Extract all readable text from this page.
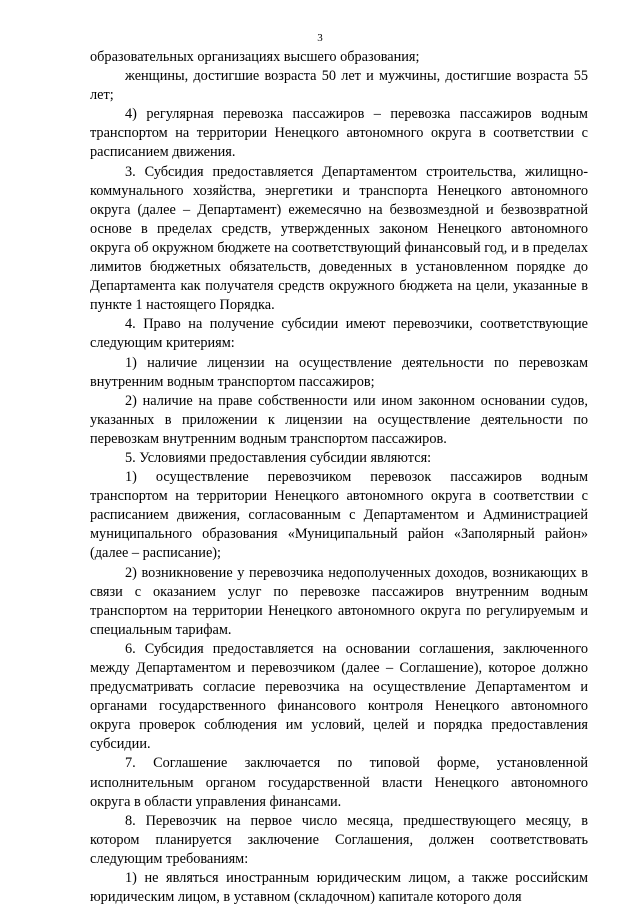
3

образовательных организациях высшего образования;

женщины, достигшие возраста 50 лет и мужчины, достигшие возраста 55 лет;

4) регулярная перевозка пассажиров – перевозка пассажиров водным транспортом на территории Ненецкого автономного округа в соответствии с расписанием движения.

3. Субсидия предоставляется Департаментом строительства, жилищно-коммунального хозяйства, энергетики и транспорта Ненецкого автономного округа (далее – Департамент) ежемесячно на безвозмездной и безвозвратной основе в пределах средств, утвержденных законом Ненецкого автономного округа об окружном бюджете на соответствующий финансовый год, и в пределах лимитов бюджетных обязательств, доведенных в установленном порядке до Департамента как получателя средств окружного бюджета на цели, указанные в пункте 1 настоящего Порядка.

4. Право на получение субсидии имеют перевозчики, соответствующие следующим критериям:

1) наличие лицензии на осуществление деятельности по перевозкам внутренним водным транспортом пассажиров;

2) наличие на праве собственности или ином законном основании судов, указанных в приложении к лицензии на осуществление деятельности по перевозкам внутренним водным транспортом пассажиров.

5. Условиями предоставления субсидии являются:

1) осуществление перевозчиком перевозок пассажиров водным транспортом на территории Ненецкого автономного округа в соответствии с расписанием движения, согласованным с Департаментом и Администрацией муниципального образования «Муниципальный район «Заполярный район» (далее – расписание);

2) возникновение у перевозчика недополученных доходов, возникающих в связи с оказанием услуг по перевозке пассажиров внутренним водным транспортом на территории Ненецкого автономного округа по регулируемым и специальным тарифам.

6. Субсидия предоставляется на основании соглашения, заключенного между Департаментом и перевозчиком (далее – Соглашение), которое должно предусматривать согласие перевозчика на осуществление Департаментом и органами государственного финансового контроля Ненецкого автономного округа проверок соблюдения им условий, целей и порядка предоставления субсидии.

7. Соглашение заключается по типовой форме, установленной исполнительным органом государственной власти Ненецкого автономного округа в области управления финансами.

8. Перевозчик на первое число месяца, предшествующего месяцу, в котором планируется заключение Соглашения, должен соответствовать следующим требованиям:

1) не являться иностранным юридическим лицом, а также российским юридическим лицом, в уставном (складочном) капитале которого доля
